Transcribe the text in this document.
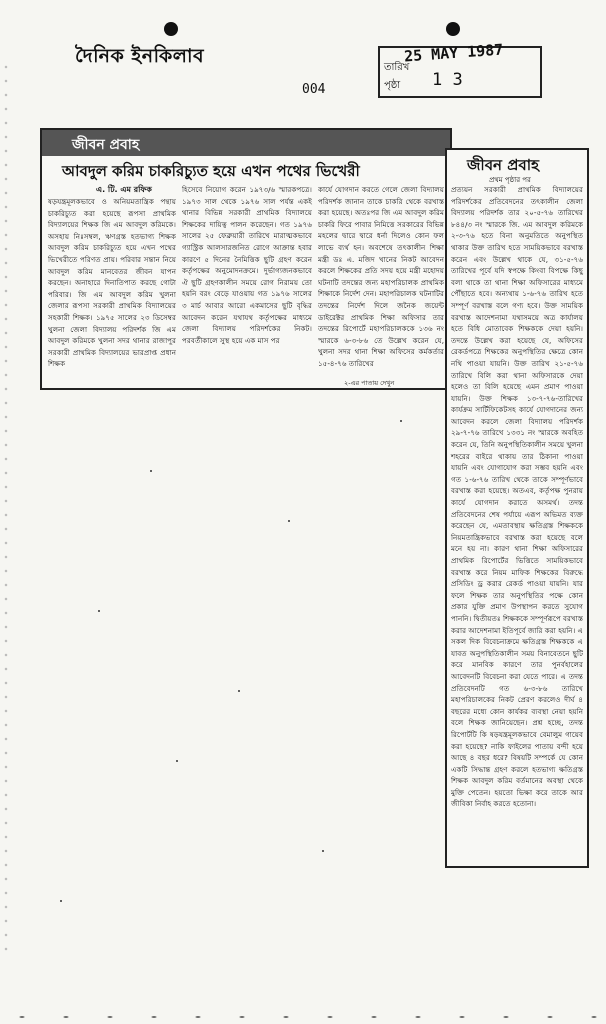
দৈনিক ইনকিলাব
তারিখ
পৃষ্ঠা
25 MAY 1987
1 3
004
জীবন প্রবাহ
আবদুল করিম চাকরিচ্যুত হয়ে এখন পথের ভিখেরী
এ. টি. এম রফিক

ষড়যন্ত্রমূলকভাবে ও অনিয়মতান্ত্রিক পন্থায় চাকরিচ্যুত করা হয়েছে রূপসা প্রাথমিক বিদ্যালয়ের শিক্ষক জি এম আবদুল করিমকে। অসহায় নিঃসম্বল, ঋণগ্রস্ত হতভাগ্য শিক্ষক আবদুল করিম চাকরিচ্যুত হয়ে এখন পথের ভিখেরীতে পরিণত প্রায়। পরিবার সন্তান নিয়ে আবদুল করিম মানবেতর জীবন যাপন করছেন। অনাহারে দিনাতিপাত করছে গোটা পরিবার। জি এম আবদুল করিম খুলনা জেলার রূপসা সরকারী প্রাথমিক বিদ্যালয়ের সহকারী শিক্ষক। ১৯৭৫ সালের ২৩ ডিসেম্বর খুলনা জেলা বিদ্যালয় পরিদর্শক জি এম আবদুল করিমকে খুলনা সদর থানার রাজাপুর সরকারী প্রাথমিক বিদ্যালয়ের ভারপ্রাপ্ত প্রধান শিক্ষক

হিসেবে নিয়োগ করেন ১৯৭৩/৬ স্মারকপত্রে। ১৯৭৩ সাল থেকে ১৯৭৬ সাল পর্যন্ত একই থানার বিভিন্ন সরকারী প্রাথমিক বিদ্যালয়ে শিক্ষকের দায়িত্ব পালন করেছেন। গত ১৯৭৬ সালের ২৫ ফেব্রুয়ারী তারিখে মারাত্মকভাবে গ্যাস্ট্রিক আলসারজনিত রোগে আক্রান্ত হবার কারণে ৫ দিনের নৈমিত্তিক ছুটি গ্রহণ করেন কর্তৃপক্ষের অনুমোদনক্রমে। দুর্ভাগ্যজনকভাবে ঐ ছুটি গ্রহণকালীন সময়ে রোগ নিরাময় তো হয়নি বরং বেড়ে যাওয়ায় গত ১৯৭৬ সালের ৩ মার্চ আবার আরো একমাসের ছুটি বৃদ্ধির আবেদন করেন যথাযথ কর্তৃপক্ষের মাধ্যমে জেলা বিদ্যালয় পরিদর্শকের নিকট। পরবর্তীকালে সুস্থ হয়ে এক মাস পর

কার্যে যোগদান করতে গেলে জেলা বিদ্যালয় পরিদর্শক জানান তাকে চাকরি থেকে বরখাস্ত করা হয়েছে। অতঃপর জি এম আবদুল করিম চাকরি ফিরে পাবার নিমিত্তে সরকারের বিভিন্ন মহলের দ্বারে দ্বারে ধর্না দিলেও কোন ফল লাভে ব্যর্থ হন। অবশেষে তৎকালীন শিক্ষা মন্ত্রী ডঃ এ. মজিদ খানের নিকট আবেদন করলে শিক্ষকের প্রতি সদয় হয়ে মন্ত্রী মহোদয় ঘটনাটি তদন্তের জন্য মহাপরিচালক প্রাথমিক শিক্ষাকে নির্দেশ দেন। মহাপরিচালক ঘটনাটির তদন্তের নির্দেশ দিলে জনৈক জয়েন্ট ডাইরেক্টর প্রাথমিক শিক্ষা অফিসার তার তদন্তের রিপোর্টে মহাপরিচালককে ১৩৬ নং স্মারকে ৬-৩-৮৬ তে উল্লেখ করেন যে, খুলনা সদর থানা শিক্ষা অফিসের কর্মকর্তার ১৫-৪-৭৬ তারিখের

২-এর পাতায় দেখুন
জীবন প্রবাহ
প্রথম পৃষ্ঠার পর

প্রত্যয়ন সরকারী প্রাথমিক বিদ্যালয়ের পরিদর্শকের প্রতিবেদনের তৎকালীন জেলা বিদ্যালয় পরিদর্শক তার ২০-৫-৭৬ তারিখের ৮৪৪/৩ নং স্মারকে জি. এম আবদুল করিমকে ২-৩-৭৬ হতে বিনা অনুমতিতে অনুপস্থিত থাকার উক্ত তারিখ হতে সাময়িকভাবে বরখাস্ত করেন এবং উল্লেখ থাকে যে, ৩১-৫-৭৬ তারিখের পূর্বে যদি স্বপক্ষে কিংবা বিপক্ষে কিছু বলা থাকে তা থানা শিক্ষা অফিসারের মাধ্যমে পৌঁছাতে হবে। অন্যথায় ১-৬-৭৬ তারিখ হতে সম্পূর্ণ বরখাস্ত বলে গণ্য হবে। উক্ত সাময়িক বরখাস্ত আদেশনামা যথাসময়ে অত্র কার্যালয় হতে বিধি মোতাবেক শিক্ষককে দেয়া হয়নি। তদন্তে উল্লেখ করা হয়েছে যে, অফিসের রেকর্ডপত্রে শিক্ষকের অনুপস্থিতির ক্ষেত্রে কোন নথি পাওয়া যায়নি। উক্ত তারিখ ২১-৫-৭৬ তারিখে বিলি করা থানা অফিসারকে দেয়া হলেও তা বিলি হয়েছে এমন প্রমাণ পাওয়া যায়নি। উক্ত শিক্ষক ১৩-৭-৭৬-তারিখের কার্যক্রম সার্টিফিকেটসহ কার্যে যোগদানের জন্য আবেদন করলে জেলা বিদ্যালয় পরিদর্শক ২৯-৭-৭৬ তারিখে ১৩৩১ নং স্মারকে অবহিত করেন যে, তিনি অনুপস্থিতিকালীন সময়ে খুলনা শহরের বাইরে থাকায় তার ঠিকানা পাওয়া যায়নি এবং যোগাযোগ করা সম্ভব হয়নি এবং গত ১-৬-৭৬ তারিখ থেকে তাকে সম্পূর্ণভাবে বরখাস্ত করা হয়েছে। অতএব, কর্তৃপক্ষ পুনরায় কার্যে যোগদান করাতে অসমর্থ। তদন্ত প্রতিবেদনের শেষ পর্যায়ে এরূপ অভিমত ব্যক্ত করেছেন যে, এমতাবস্থায় ক্ষতিগ্রস্ত শিক্ষককে নিয়মতান্ত্রিকভাবে বরখাস্ত করা হয়েছে বলে মনে হয় না। কারণ থানা শিক্ষা অফিসারের প্রাথমিক রিপোর্টের ভিত্তিতে সাময়িকভাবে বরখাস্ত করে নিয়ম মাফিক শিক্ষকের বিরুদ্ধে প্রসিডিং ড্র করার রেকর্ড পাওয়া যায়নি। যার ফলে শিক্ষক তার অনুপস্থিতির পক্ষে কোন প্রকার যুক্তি প্রমাণ উপস্থাপন করতে সুযোগ পাননি। দ্বিতীয়তঃ শিক্ষককে সম্পূর্ণরূপে বরখাস্ত করার আদেশনামা ইতিপূর্বে জারি করা হয়নি। এ সকল দিক বিবেচনাক্রমে ক্ষতিগ্রস্ত শিক্ষককে এ যাবত অনুপস্থিতিকালীন সময় বিনাবেতনে ছুটি করে মানবিক কারণে তার পুনর্বহালের আবেদনটি বিবেচনা করা যেতে পারে। এ তদন্ত প্রতিবেদনটি গত ৬-৩-৮৬ তারিখে মহাপরিচালকের নিকট প্রেরণ করলেও দীর্ঘ ৪ বছরের মধ্যে কোন কার্যকর ব্যবস্থা নেয়া হয়নি বলে শিক্ষক জানিয়েছেন। প্রশ্ন হচ্ছে, তদন্ত রিপোর্টটি কি ষড়যন্ত্রমূলকভাবে বেমালুম গায়েব করা হয়েছে? নাকি ফাইলের পাতায় বন্দী হয়ে আছে ৪ বছর ধরে? বিষয়টি সম্পর্কে যে কোন একটি সিদ্ধান্ত গ্রহণ করলে হতভাগ্য ক্ষতিগ্রস্ত শিক্ষক আবদুল করিম বর্তমানের অবস্থা থেকে মুক্তি পেতেন। হয়তো ভিক্ষা করে তাকে আর জীবিকা নির্বাহ করতে হতোনা।
